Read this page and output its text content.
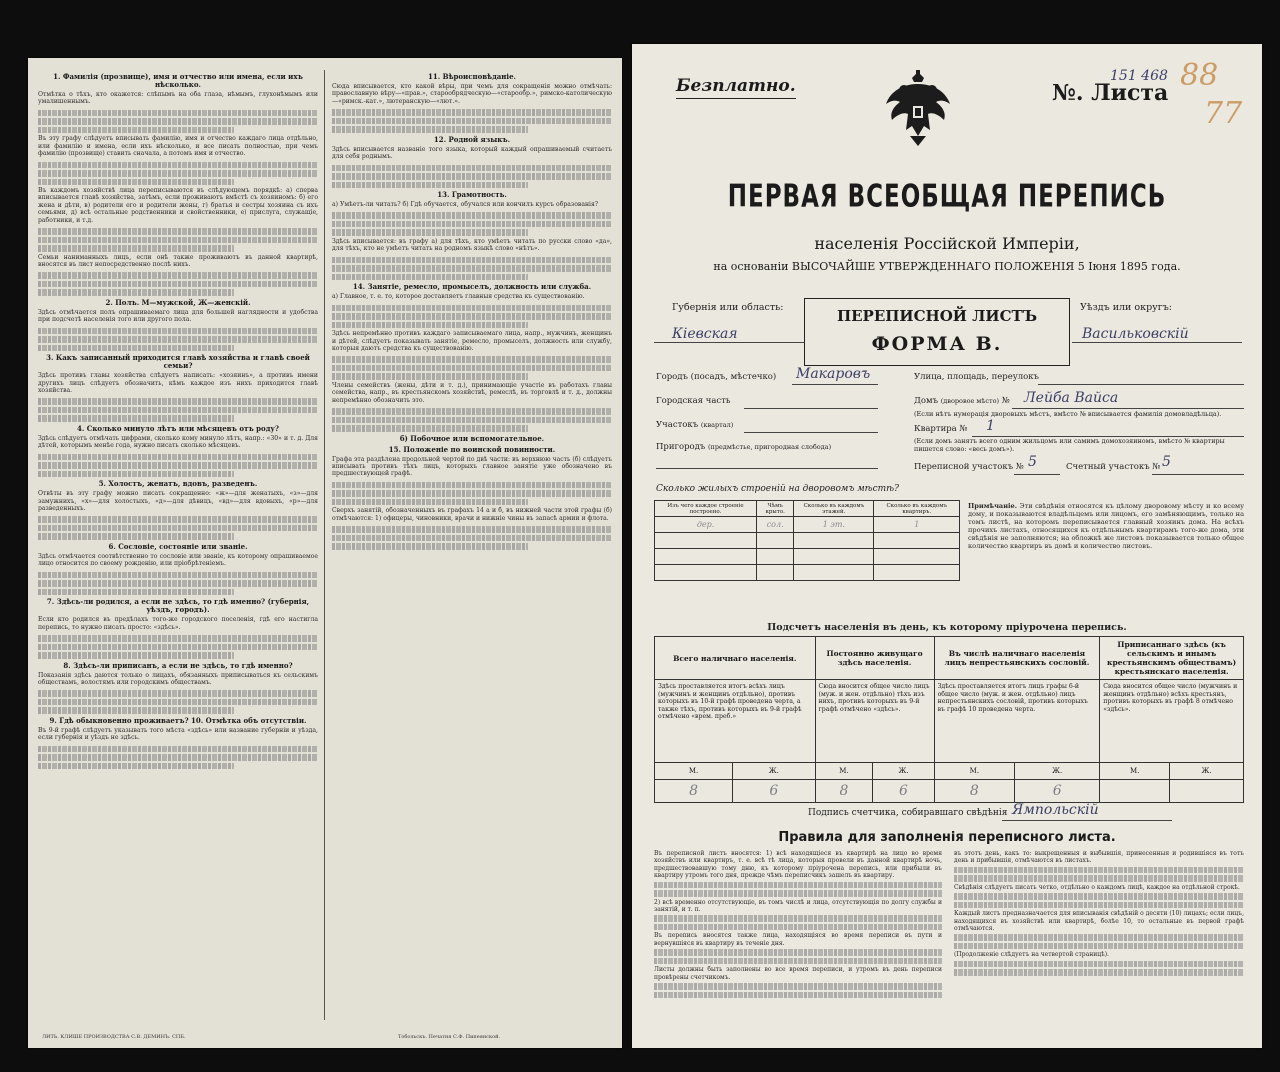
1. Фамилія (прозвище), имя и отчество или имена, если ихъ нѣсколько.

Отмѣтка о тѣхъ, кто окажется: слѣпымъ на оба глаза, нѣмымъ, глухонѣмымъ или умалишеннымъ.

Въ эту графу слѣдуетъ вписывать фамилію, имя и отчество каждаго лица отдѣльно, или фамилію и имена, если ихъ нѣсколько, и все писать полностью, при чемъ фамилію (прозвище) ставить сначала, а потомъ имя и отчество.

Въ каждомъ хозяйствѣ лица переписываются въ слѣдующемъ порядкѣ: а) сперва вписывается главѣ хозяйства, затѣмъ, если проживаютъ вмѣстѣ съ хозяиномъ: б) его жена и дѣти, в) родители его и родители жены, г) братья и сестры хозяина съ ихъ семьями, д) всѣ остальные родственники и свойственники, е) прислуга, служащіе, работники, и т.д.

Семьи наниманныхъ лицъ, если онѣ также проживаютъ въ данной квартирѣ, вносятся въ лист непосредственно послѣ нихъ.

2. Полъ. М—мужской, Ж—женскій.

Здѣсь отмѣчается полъ опрашиваемаго лица для большей наглядности и удобства при подсчетѣ населенія того или другого пола.

3. Какъ записанный приходится главѣ хозяйства и главѣ своей семьи?

Здѣсь противъ главы хозяйства слѣдуетъ написать: «хозяинъ», а противъ имени другихъ лицъ слѣдуетъ обозначить, кѣмъ каждое изъ нихъ приходится главѣ хозяйства.

4. Сколько минуло лѣтъ или мѣсяцевъ отъ роду?

Здѣсь слѣдуетъ отмѣчать цифрами, сколько кому минуло лѣтъ, напр.: «30» и т. д. Для дѣтей, которымъ менѣе года, нужно писать сколько мѣсяцевъ.

5. Холостъ, женатъ, вдовъ, разведенъ.

Отвѣты въ эту графу можно писать сокращенно: «ж»—для женатыхъ, «з»—для замужнихъ, «х»—для холостыхъ, «д»—для дѣвицъ, «вд»—для вдовыхъ, «р»—для разведенныхъ.

6. Сословіе, состояніе или званіе.

Здѣсь отмѣчается соотвѣтственно то сословіе или званіе, къ которому опрашиваемое лицо относится по своему рожденію, или пріобрѣтеніемъ.

7. Здѣсь-ли родился, а если не здѣсь, то гдѣ именно? (губернія, уѣздъ, городъ).

Если кто родился въ предѣлахъ того-же городского поселенія, гдѣ его настигла перепись, то нужно писать просто: «здѣсь».

8. Здѣсь-ли приписанъ, а если не здѣсь, то гдѣ именно?

Показанія здѣсь даются только о лицахъ, обязанныхъ приписываться къ сельскимъ обществамъ, волостямъ или городскимъ обществамъ.

9. Гдѣ обыкновенно проживаетъ? 10. Отмѣтка объ отсутствіи.

Въ 9-й графѣ слѣдуетъ указывать того мѣста «здѣсь» или название губерніи и уѣзда, если губернія и уѣздъ не здѣсь.

11. Вѣроисповѣданіе.

Сюда вписывается, кто какой вѣры, при чемъ для сокращенія можно отмѣчать: православную вѣру—«прав.», старообрядческую—«старообр.», римско-католическую—«римск.-кат.», лютеранскую—«лют.».

12. Родной языкъ.

Здѣсь вписывается названіе того языка, который каждый опрашиваемый считаетъ для себя роднымъ.

13. Грамотность.

а) Умѣетъ-ли читать? б) Гдѣ обучается, обучался или кончилъ курсъ образованія?

Здѣсь вписывается: въ графу а) для тѣхъ, кто умѣетъ читать по русски слово «да», для тѣхъ, кто не умѣетъ читать на родномъ языкѣ слово «нѣтъ».

14. Занятіе, ремесло, промыселъ, должность или служба.

а) Главное, т. е. то, которое доставляетъ главныя средства къ существованію.

Здѣсь непремѣнно противъ каждаго записываемаго лица, напр., мужчинъ, женщинъ и дѣтей, слѣдуетъ показывать занятіе, ремесло, промыселъ, должность или службу, которыя даютъ средства къ существованію.

Члены семействъ (жены, дѣти и т. д.), принимающіе участіе въ работахъ главы семейства, напр., въ крестьянскомъ хозяйствѣ, ремеслѣ, въ торговлѣ и т. д., должны непремѣнно обозначить это.

б) Побочное или вспомогательное.
15. Положеніе по воинской повинности.

Графа эта раздѣлена продольной чертой по двѣ части: въ верхнюю часть (б) слѣдуетъ вписывать противъ тѣхъ лицъ, которыхъ главное занятіе уже обозначено въ предшествующей графѣ.

Сверхъ занятій, обозначенныхъ въ графахъ 14 а и б, въ нижней части этой графы (б) отмѣчаются: 1) офицеры, чиновники, врачи и нижніе чины въ запасѣ армии и флота.

ЛИТЬ. КЛИШЕ ПРОИЗВОДСТВА С.В. ДЕМИНЪ. СПБ.	Тобольскъ. Печатня С.Ф. Пипеянской.
Безплатно.	№. Листа
151 468 88
77
ПЕРВАЯ ВСЕОБЩАЯ ПЕРЕПИСЬ
населенія Россійской Имперіи,
на основаніи ВЫСОЧАЙШЕ УТВЕРЖДЕННАГО ПОЛОЖЕНІЯ 5 Іюня 1895 года.
Губернія или область:
Кіевская
ПЕРЕПИСНОЙ ЛИСТЪ
ФОРМА В.
Уѣздъ или округъ:
Васильковскій
Городъ (посадъ, мѣстечко) Макаровъ
Городская часть
Участокъ (квартал)
Пригородъ (предмѣстье, пригородная слобода)
Улица, площадь, переулокъ
Домъ (дворовое мѣсто) № Лейба Вайса
(Если нѣтъ нумерація дворовыхъ мѣстъ, вмѣсто № вписывается фамилія домовладѣльца).
Квартира № 1
(Если домъ занятъ всего одним жильцомъ или самимъ домохозяиномъ, вмѣсто № квартиры пишется слово: «весь домъ»).
Переписной участокъ № 5	Счетный участокъ № 5
Сколько жилыхъ строеній на дворовомъ мѣстѣ?
Изъ чего каждое строеніе построено.	Чѣмъ крыто.	Сколько въ каждомъ этажей.	Сколько въ каждомъ квартиръ.
дер.	сол.	1 эт.	1

Примѣчаніе. Эти свѣдѣнія относятся къ цѣлому дворовому мѣсту и ко всему дому, и показываются владѣльцемъ или лицомъ, его замѣняющимъ, только на томъ листѣ, на которомъ переписывается главный хозяинъ дома. На всѣхъ прочихъ листахъ, относящихся къ отдѣльнымъ квартирамъ того-же дома, эти свѣдѣнія не заполняются; на обложкѣ же листовъ показывается только общее количество квартиръ въ домѣ и количество листовъ.
Подсчетъ населенія въ день, къ которому пріурочена перепись.
Всего наличнаго населенія.		Постоянно живущаго здѣсь населенія.		Въ числѣ наличнаго населенія лицъ непрестьянскихъ сословій.		Приписаннаго здѣсь (къ сельскимъ и инымъ крестьянскимъ обществамъ) крестьянскаго населенія.	
Здѣсь проставляется итогъ всѣхъ лицъ (мужчинъ и женщинъ отдѣльно), противъ которыхъ въ 10-й графѣ проведена черта, а также тѣхъ, противъ которыхъ въ 9-й графѣ отмѣчено «врем. преб.»		Сюда вносится общее число лицъ (муж. и жен. отдѣльно) тѣхъ изъ нихъ, противъ которыхъ въ 9-й графѣ отмѣчено «здѣсь».		Здѣсь проставляется итогъ лицъ графы 6-й общее число (муж. и жен. отдѣльно) лицъ непрестьянскихъ сословій, противъ которыхъ въ графѣ 10 проведена черта.		Сюда вносится общее число (мужчинъ и женщинъ отдѣльно) всѣхъ крестьянъ, противъ которыхъ въ графѣ 8 отмѣчено «здѣсь».	
М.	Ж.	М.	Ж.	М.	Ж.	М.	Ж.
8	6	8	6	8	6		
Подпись счетчика, собиравшаго свѣдѣнія Ямпольскій
Правила для заполненія переписного листа.

Въ переписной листъ вносятся: 1) всѣ находящіеся въ квартирѣ на лицо во время хозяйствъ или квартиръ, т. е. всѣ тѣ лица, которыя провели въ данной квартирѣ ночь, предшествовавшую тому дню, къ которому пріурочена перепись, или прибыли въ квартиру утромъ того дня, прежде чѣмъ переписчикъ зашелъ въ квартиру.

2) всѣ временно отсутствующіе, въ томъ числѣ и лица, отсутствующія по долгу службы и занятій, и т. п.

Въ перепись вносятся также лица, находящіяся во время переписи въ пути и вернувшіяся въ квартиру въ теченіе дня.

Листы должны быть заполнены во все время переписи, и утромъ въ день переписи провѣрены счетчикомъ.

въ этотъ день, какъ то: выкрещенныя и выбывшія, принесенныя и родившіяся въ тотъ день и прибывшія, отмѣчаются въ листахъ.

Свѣдѣнія слѣдуетъ писать четко, отдѣльно о каждомъ лицѣ, каждое на отдѣльной строкѣ.

Каждый листъ предназначается для вписыванія свѣдѣній о десяти (10) лицахъ; если лицъ, находящихся въ хозяйствѣ или квартирѣ, болѣе 10, то остальные въ первой графѣ отмѣчаются.

(Продолженіе слѣдуетъ на четвертой страницѣ).
